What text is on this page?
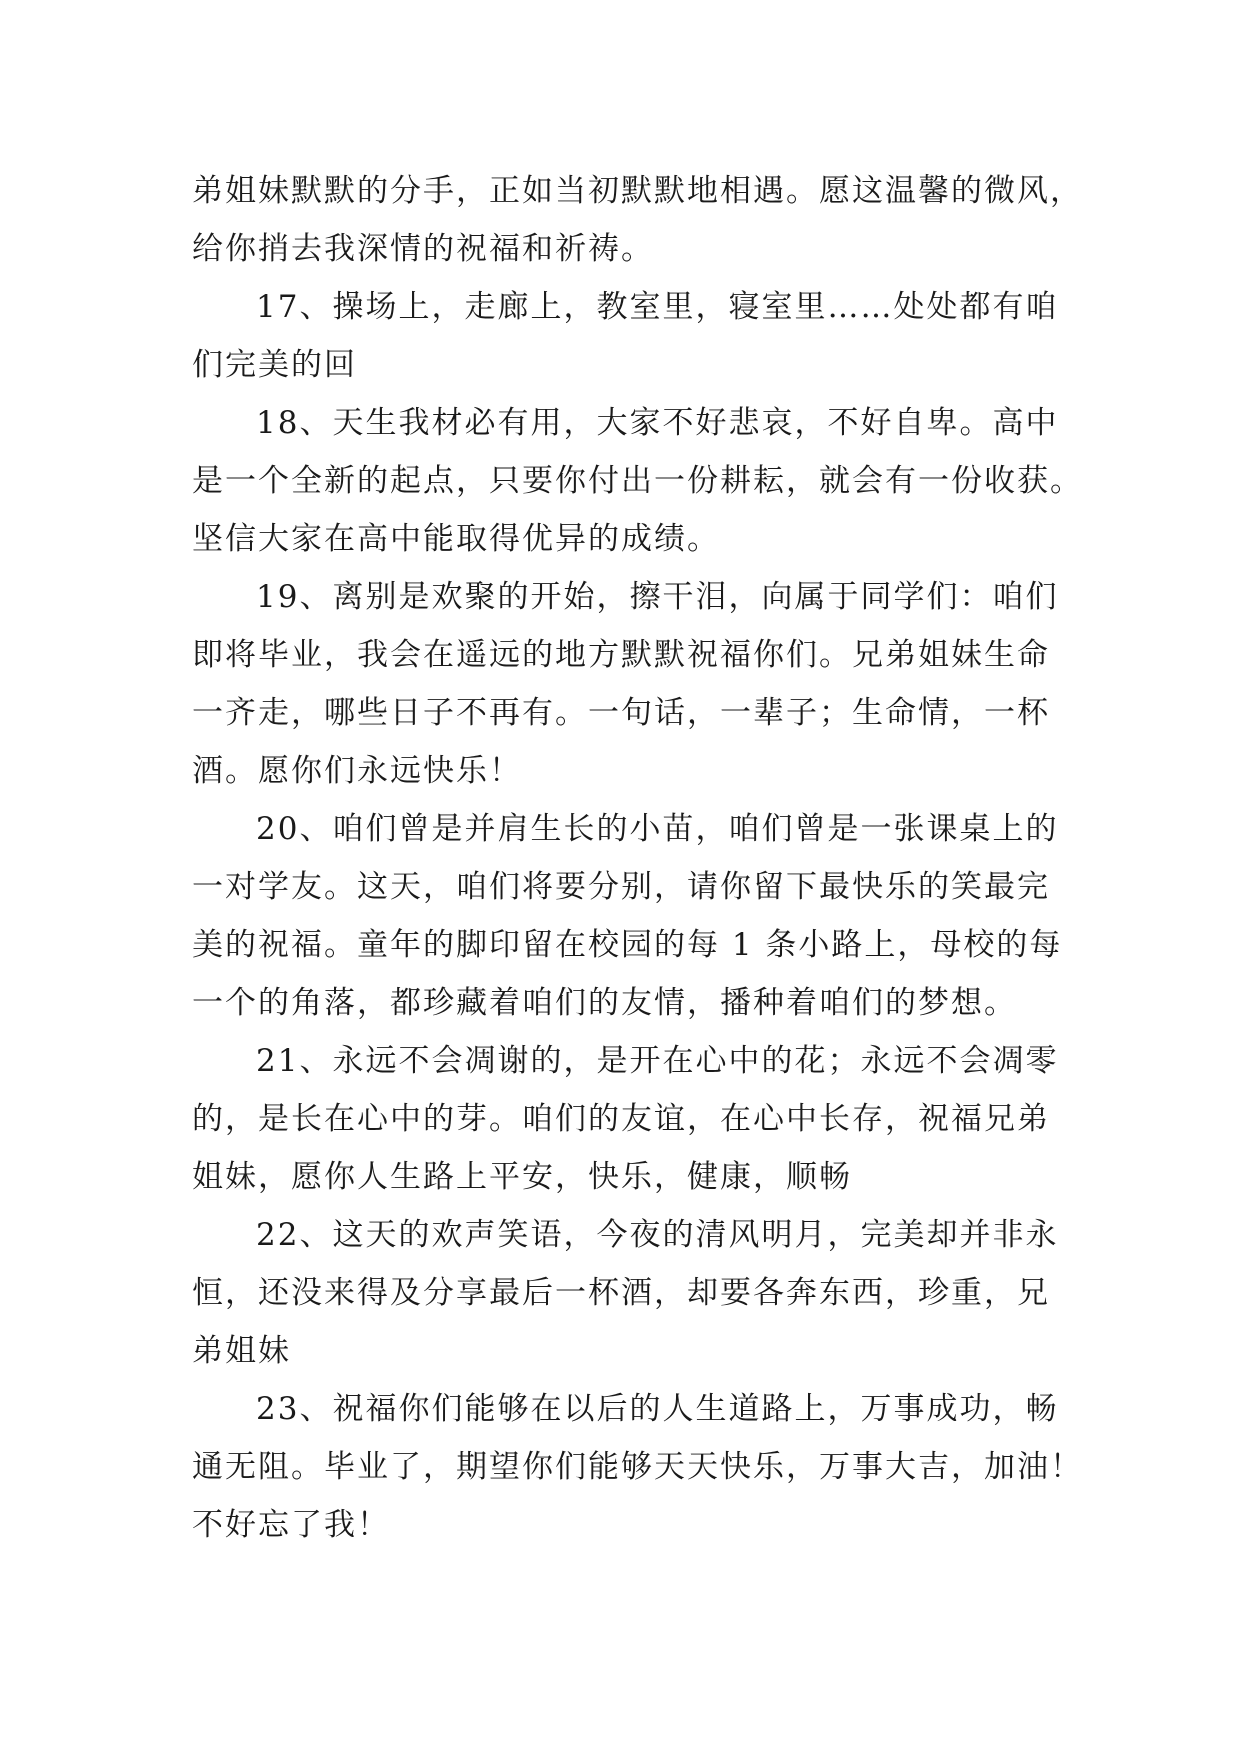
弟姐妹默默的分手，正如当初默默地相遇。愿这温馨的微风，
给你捎去我深情的祝福和祈祷。
17、操场上，走廊上，教室里，寝室里……处处都有咱
们完美的回
18、天生我材必有用，大家不好悲哀，不好自卑。高中
是一个全新的起点，只要你付出一份耕耘，就会有一份收获。
坚信大家在高中能取得优异的成绩。
19、离别是欢聚的开始，擦干泪，向属于同学们：咱们
即将毕业，我会在遥远的地方默默祝福你们。兄弟姐妹生命
一齐走，哪些日子不再有。一句话，一辈子；生命情，一杯
酒。愿你们永远快乐！
20、咱们曾是并肩生长的小苗，咱们曾是一张课桌上的
一对学友。这天，咱们将要分别，请你留下最快乐的笑最完
美的祝福。童年的脚印留在校园的每 1 条小路上，母校的每
一个的角落，都珍藏着咱们的友情，播种着咱们的梦想。
21、永远不会凋谢的，是开在心中的花；永远不会凋零
的，是长在心中的芽。咱们的友谊，在心中长存，祝福兄弟
姐妹，愿你人生路上平安，快乐，健康，顺畅
22、这天的欢声笑语，今夜的清风明月，完美却并非永
恒，还没来得及分享最后一杯酒，却要各奔东西，珍重，兄
弟姐妹
23、祝福你们能够在以后的人生道路上，万事成功，畅
通无阻。毕业了，期望你们能够天天快乐，万事大吉，加油！
不好忘了我！
